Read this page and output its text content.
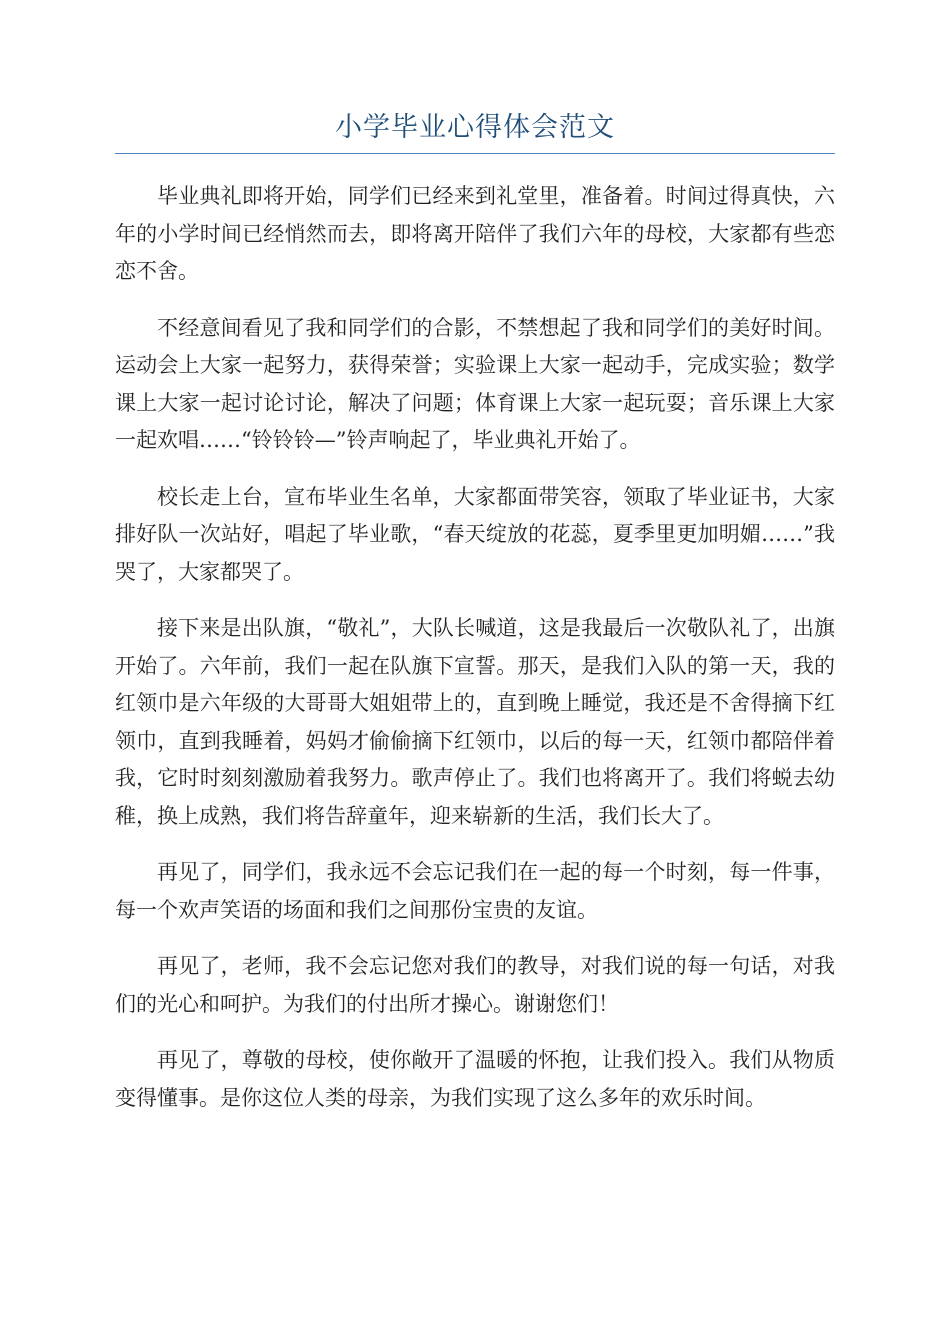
小学毕业心得体会范文

毕业典礼即将开始，同学们已经来到礼堂里，准备着。时间过得真快，六年的小学时间已经悄然而去，即将离开陪伴了我们六年的母校，大家都有些恋恋不舍。

不经意间看见了我和同学们的合影，不禁想起了我和同学们的美好时间。运动会上大家一起努力，获得荣誉；实验课上大家一起动手，完成实验；数学课上大家一起讨论讨论，解决了问题；体育课上大家一起玩耍；音乐课上大家一起欢唱……“铃铃铃—”铃声响起了，毕业典礼开始了。

校长走上台，宣布毕业生名单，大家都面带笑容，领取了毕业证书，大家排好队一次站好，唱起了毕业歌，“春天绽放的花蕊，夏季里更加明媚……”我哭了，大家都哭了。

接下来是出队旗，“敬礼”，大队长喊道，这是我最后一次敬队礼了，出旗开始了。六年前，我们一起在队旗下宣誓。那天，是我们入队的第一天，我的红领巾是六年级的大哥哥大姐姐带上的，直到晚上睡觉，我还是不舍得摘下红领巾，直到我睡着，妈妈才偷偷摘下红领巾，以后的每一天，红领巾都陪伴着我，它时时刻刻激励着我努力。歌声停止了。我们也将离开了。我们将蜕去幼稚，换上成熟，我们将告辞童年，迎来崭新的生活，我们长大了。

再见了，同学们，我永远不会忘记我们在一起的每一个时刻，每一件事，每一个欢声笑语的场面和我们之间那份宝贵的友谊。

再见了，老师，我不会忘记您对我们的教导，对我们说的每一句话，对我们的光心和呵护。为我们的付出所才操心。谢谢您们！

再见了，尊敬的母校，使你敞开了温暖的怀抱，让我们投入。我们从物质变得懂事。是你这位人类的母亲，为我们实现了这么多年的欢乐时间。
